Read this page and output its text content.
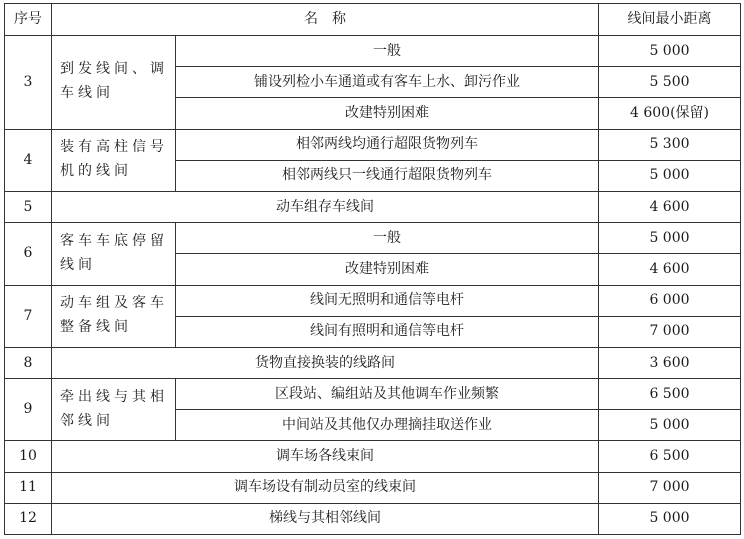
序号	名　称		线间最小距离
3	到发线间、调车线间	一般	5 000
		铺设列检小车通道或有客车上水、卸污作业	5 500
		改建特别困难	4 600(保留)
4	装有高柱信号机的线间	相邻两线均通行超限货物列车	5 300
		相邻两线只一线通行超限货物列车	5 000
5	动车组存车线间		4 600
6	客车车底停留线间	一般	5 000
		改建特别困难	4 600
7	动车组及客车整备线间	线间无照明和通信等电杆	6 000
		线间有照明和通信等电杆	7 000
8	货物直接换装的线路间		3 600
9	牵出线与其相邻线间	区段站、编组站及其他调车作业频繁	6 500
		中间站及其他仅办理摘挂取送作业	5 000
10	调车场各线束间		6 500
11	调车场设有制动员室的线束间		7 000
12	梯线与其相邻线间		5 000
